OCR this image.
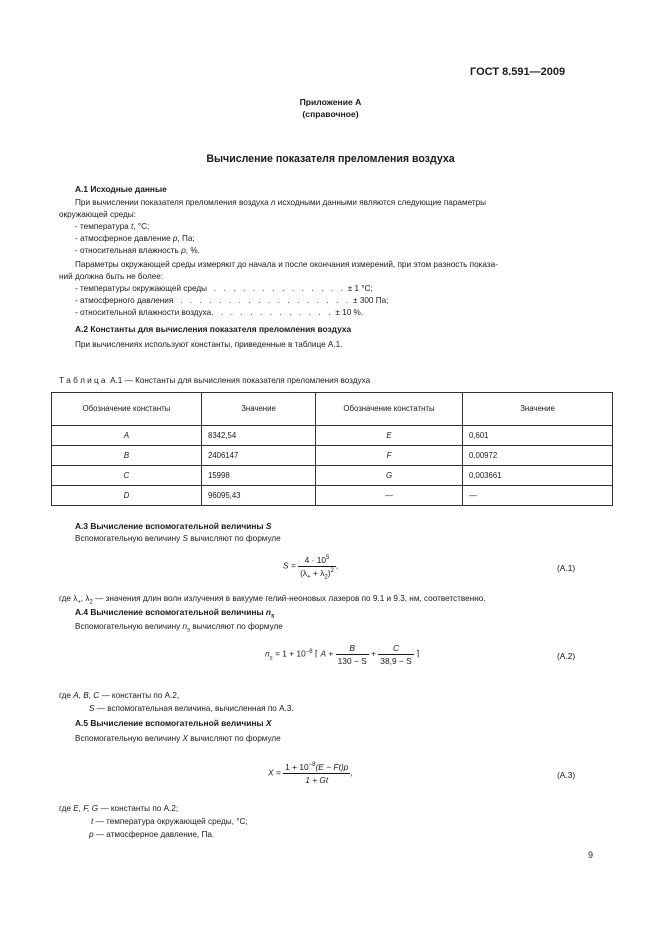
ГОСТ 8.591—2009
Приложение А
(справочное)
Вычисление показателя преломления воздуха
А.1 Исходные данные
При вычислении показателя преломления воздуха n исходными данными являются следующие параметры
окружающей среды:
- температура t, °С;
- атмосферное давление р, Па;
- относительная влажность ρ, %.
Параметры окружающей среды измеряют до начала и после окончания измерений, при этом разность показа-
ний должна быть не более:
- температуры окружающей среды . . . . . . . . . . . . . . ± 1 °С;
- атмосферного давления . . . . . . . . . . . . . . . . . . ± 300 Па;
- относительной влажности воздуха. . . . . . . . . . . . . ± 10 %.
А.2 Константы для вычисления показателя преломления воздуха
При вычислениях используют константы, приведенные в таблице А.1.
Т а б л и ц а А.1 — Константы для вычисления показателя преломления воздуха
Обозначение константы	Значение	Обозначение констатнты	Значение
A	8342,54	E	0,601
B	2406147	F	0,00972
C	15998	G	0,003661
D	96095,43	—	—
А.3 Вычисление вспомогательной величины S
Вспомогательную величину S вычисляют по формуле
$S = \frac{4 \cdot 10^5}{(\lambda_+ + \lambda_2)^2}$ ,	(А.1)
где $\lambda_+$, $\lambda_2$ — значения длин волн излучения в вакууме гелий-неоновых лазеров по 9.1 и 9.3, нм, соответственно.
А.4 Вычисление вспомогательной величины $n_s$
Вспомогательную величину $n_s$ вычисляют по формуле
$n_s = 1 + 10^{-8}$ ⌈ $A + \frac{B}{130 - S} + \frac{C}{38,9 - S}$ ⌉	(А.2)
где A, B, C — константы по А.2,
S — вспомогательная величина, вычисленная по А.3.
А.5 Вычисление вспомогательной величины X
Вспомогательную величину X вычисляют по формуле
$X = \frac{1 + 10^{-8}(E - Ft)p}{1 + Gt}$ ,	(А.3)
где E, F, G — константы по А.2;
t — температура окружающей среды, °С;
p — атмосферное давление, Па.
9
